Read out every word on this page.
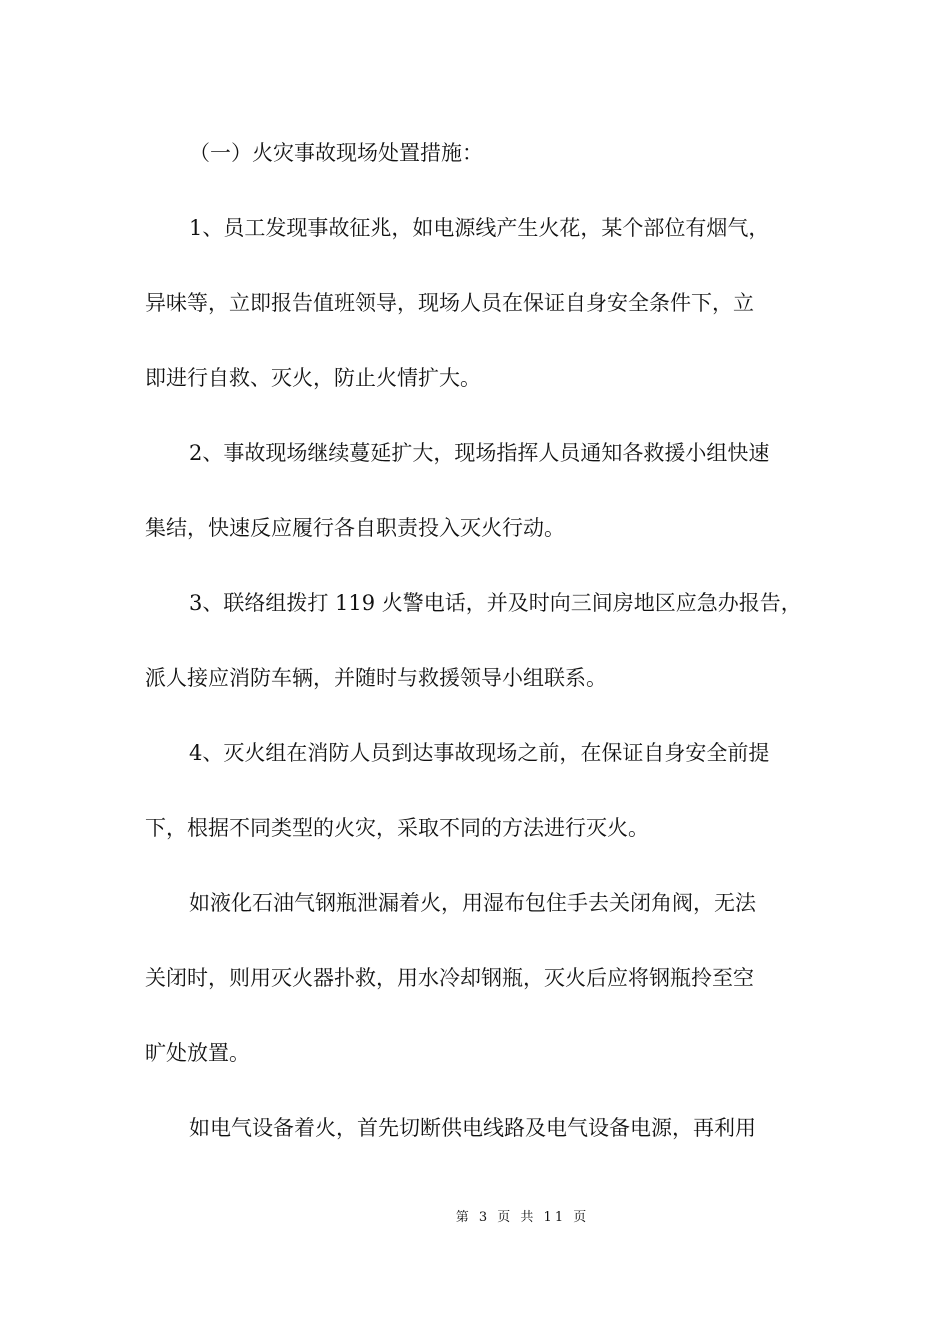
（一）火灾事故现场处置措施：
1、员工发现事故征兆，如电源线产生火花，某个部位有烟气，
异味等，立即报告值班领导，现场人员在保证自身安全条件下，立
即进行自救、灭火，防止火情扩大。
2、事故现场继续蔓延扩大，现场指挥人员通知各救援小组快速
集结，快速反应履行各自职责投入灭火行动。
3、联络组拨打 119 火警电话，并及时向三间房地区应急办报告，
派人接应消防车辆，并随时与救援领导小组联系。
4、灭火组在消防人员到达事故现场之前，在保证自身安全前提
下，根据不同类型的火灾，采取不同的方法进行灭火。
如液化石油气钢瓶泄漏着火，用湿布包住手去关闭角阀，无法
关闭时，则用灭火器扑救，用水冷却钢瓶，灭火后应将钢瓶拎至空
旷处放置。
如电气设备着火，首先切断供电线路及电气设备电源，再利用
第 3 页 共 11 页
